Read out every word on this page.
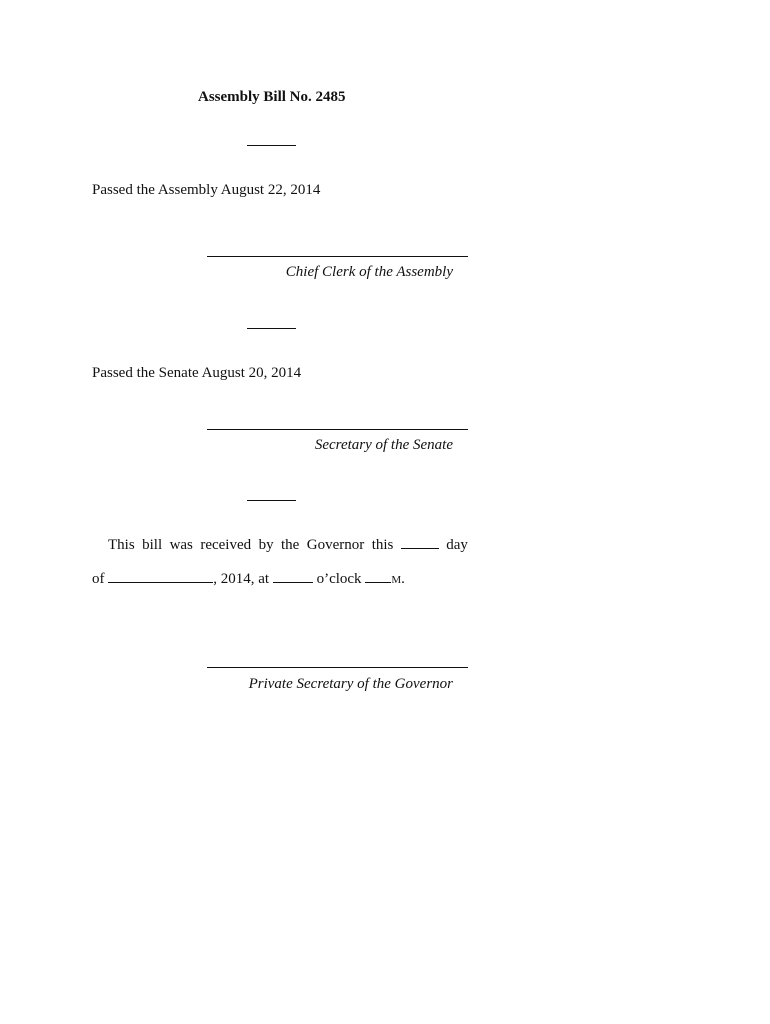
Assembly Bill No. 2485
Passed the Assembly August 22, 2014
Chief Clerk of the Assembly
Passed the Senate August 20, 2014
Secretary of the Senate
This bill was received by the Governor this	day
of	, 2014, at	o’clock	M.
Private Secretary of the Governor
